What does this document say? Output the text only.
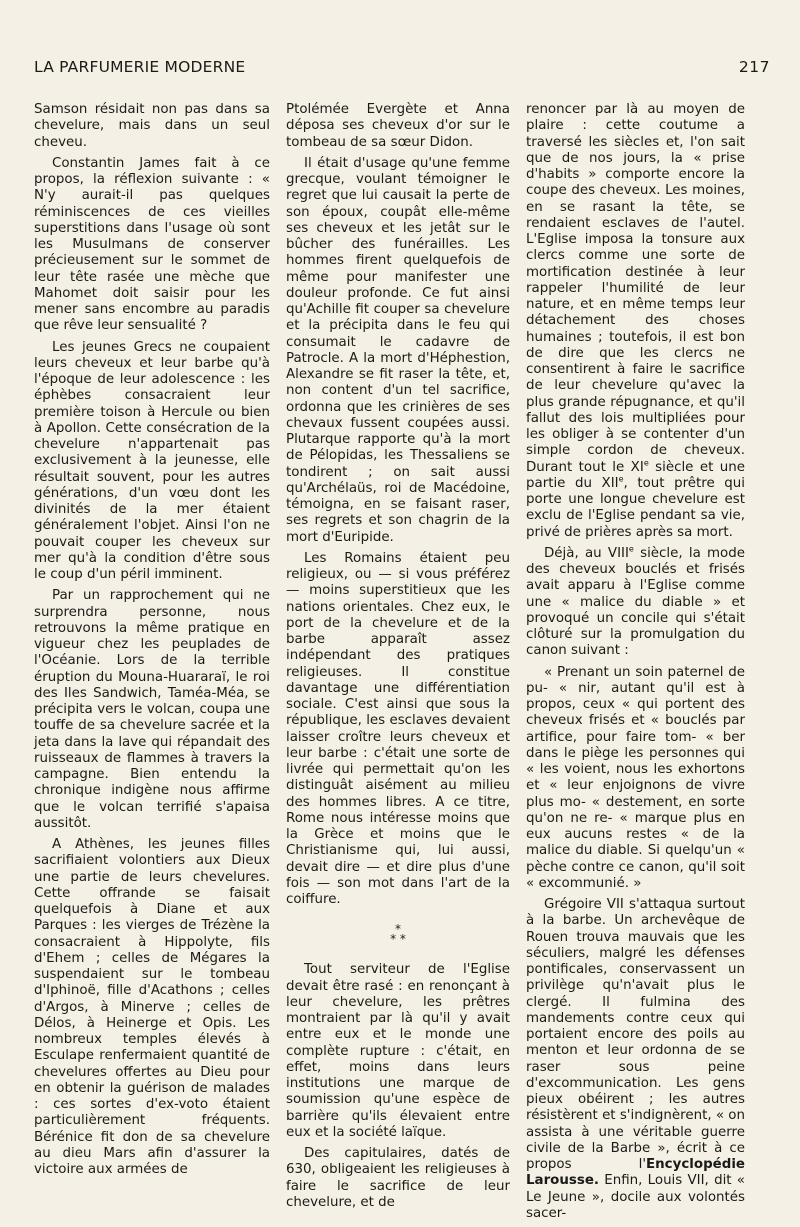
LA PARFUMERIE MODERNE	217

Samson résidait non pas dans sa chevelure, mais dans un seul cheveu.

Constantin James fait à ce propos, la réflexion suivante : « N'y aurait-il pas quelques réminiscences de ces vieilles superstitions dans l'usage où sont les Musulmans de conserver précieusement sur le sommet de leur tête rasée une mèche que Mahomet doit saisir pour les mener sans encombre au paradis que rêve leur sensualité ?

Les jeunes Grecs ne coupaient leurs cheveux et leur barbe qu'à l'époque de leur adolescence : les éphèbes consacraient leur première toison à Hercule ou bien à Apollon. Cette consécration de la chevelure n'appartenait pas exclusivement à la jeunesse, elle résultait souvent, pour les autres générations, d'un vœu dont les divinités de la mer étaient généralement l'objet. Ainsi l'on ne pouvait couper les cheveux sur mer qu'à la condition d'être sous le coup d'un péril imminent.

Par un rapprochement qui ne surprendra personne, nous retrouvons la même pratique en vigueur chez les peuplades de l'Océanie. Lors de la terrible éruption du Mouna-Huararaï, le roi des Iles Sandwich, Taméa-Méa, se précipita vers le volcan, coupa une touffe de sa chevelure sacrée et la jeta dans la lave qui répandait des ruisseaux de flammes à travers la campagne. Bien entendu la chronique indigène nous affirme que le volcan terrifié s'apaisa aussitôt.

A Athènes, les jeunes filles sacrifiaient volontiers aux Dieux une partie de leurs chevelures. Cette offrande se faisait quelquefois à Diane et aux Parques : les vierges de Trézène la consacraient à Hippolyte, fils d'Ehem ; celles de Mégares la suspendaient sur le tombeau d'Iphinoë, fille d'Acathons ; celles d'Argos, à Minerve ; celles de Délos, à Heinerge et Opis. Les nombreux temples élevés à Esculape renfermaient quantité de chevelures offertes au Dieu pour en obtenir la guérison de malades : ces sortes d'ex-voto étaient particulièrement fréquents. Bérénice fit don de sa chevelure au dieu Mars afin d'assurer la victoire aux armées de

Ptolémée Evergète et Anna déposa ses cheveux d'or sur le tombeau de sa sœur Didon.

Il était d'usage qu'une femme grecque, voulant témoigner le regret que lui causait la perte de son époux, coupât elle-même ses cheveux et les jetât sur le bûcher des funérailles. Les hommes firent quelquefois de même pour manifester une douleur profonde. Ce fut ainsi qu'Achille fit couper sa chevelure et la précipita dans le feu qui consumait le cadavre de Patrocle. A la mort d'Héphestion, Alexandre se fit raser la tête, et, non content d'un tel sacrifice, ordonna que les crinières de ses chevaux fussent coupées aussi. Plutarque rapporte qu'à la mort de Pélopidas, les Thessaliens se tondirent ; on sait aussi qu'Archélaüs, roi de Macédoine, témoigna, en se faisant raser, ses regrets et son chagrin de la mort d'Euripide.

Les Romains étaient peu religieux, ou — si vous préférez — moins superstitieux que les nations orientales. Chez eux, le port de la chevelure et de la barbe apparaît assez indépendant des pratiques religieuses. Il constitue davantage une différentiation sociale. C'est ainsi que sous la république, les esclaves devaient laisser croître leurs cheveux et leur barbe : c'était une sorte de livrée qui permettait qu'on les distinguât aisément au milieu des hommes libres. A ce titre, Rome nous intéresse moins que la Grèce et moins que le Christianisme qui, lui aussi, devait dire — et dire plus d'une fois — son mot dans l'art de la coiffure.

*
* *

Tout serviteur de l'Eglise devait être rasé : en renonçant à leur chevelure, les prêtres montraient par là qu'il y avait entre eux et le monde une complète rupture : c'était, en effet, moins dans leurs institutions une marque de soumission qu'une espèce de barrière qu'ils élevaient entre eux et la société laïque.

Des capitulaires, datés de 630, obligeaient les religieuses à faire le sacrifice de leur chevelure, et de

renoncer par là au moyen de plaire : cette coutume a traversé les siècles et, l'on sait que de nos jours, la « prise d'habits » comporte encore la coupe des cheveux. Les moines, en se rasant la tête, se rendaient esclaves de l'autel. L'Eglise imposa la tonsure aux clercs comme une sorte de mortification destinée à leur rappeler l'humilité de leur nature, et en même temps leur détachement des choses humaines ; toutefois, il est bon de dire que les clercs ne consentirent à faire le sacrifice de leur chevelure qu'avec la plus grande répugnance, et qu'il fallut des lois multipliées pour les obliger à se contenter d'un simple cordon de cheveux. Durant tout le XIe siècle et une partie du XIIe, tout prêtre qui porte une longue chevelure est exclu de l'Eglise pendant sa vie, privé de prières après sa mort.

Déjà, au VIIIe siècle, la mode des cheveux bouclés et frisés avait apparu à l'Eglise comme une « malice du diable » et provoqué un concile qui s'était clôturé sur la promulgation du canon suivant :

« Prenant un soin paternel de pu- « nir, autant qu'il est à propos, ceux « qui portent des cheveux frisés et « bouclés par artifice, pour faire tom- « ber dans le piège les personnes qui « les voient, nous les exhortons et « leur enjoignons de vivre plus mo- « destement, en sorte qu'on ne re- « marque plus en eux aucuns restes « de la malice du diable. Si quelqu'un « pèche contre ce canon, qu'il soit « excommunié. »

Grégoire VII s'attaqua surtout à la barbe. Un archevêque de Rouen trouva mauvais que les séculiers, malgré les défenses pontificales, conservassent un privilège qu'n'avait plus le clergé. Il fulmina des mandements contre ceux qui portaient encore des poils au menton et leur ordonna de se raser sous peine d'excommunication. Les gens pieux obéirent ; les autres résistèrent et s'indignèrent, « on assista à une véritable guerre civile de la Barbe », écrit à ce propos l'Encyclopédie Larousse. Enfin, Louis VII, dit « Le Jeune », docile aux volontés sacer-
